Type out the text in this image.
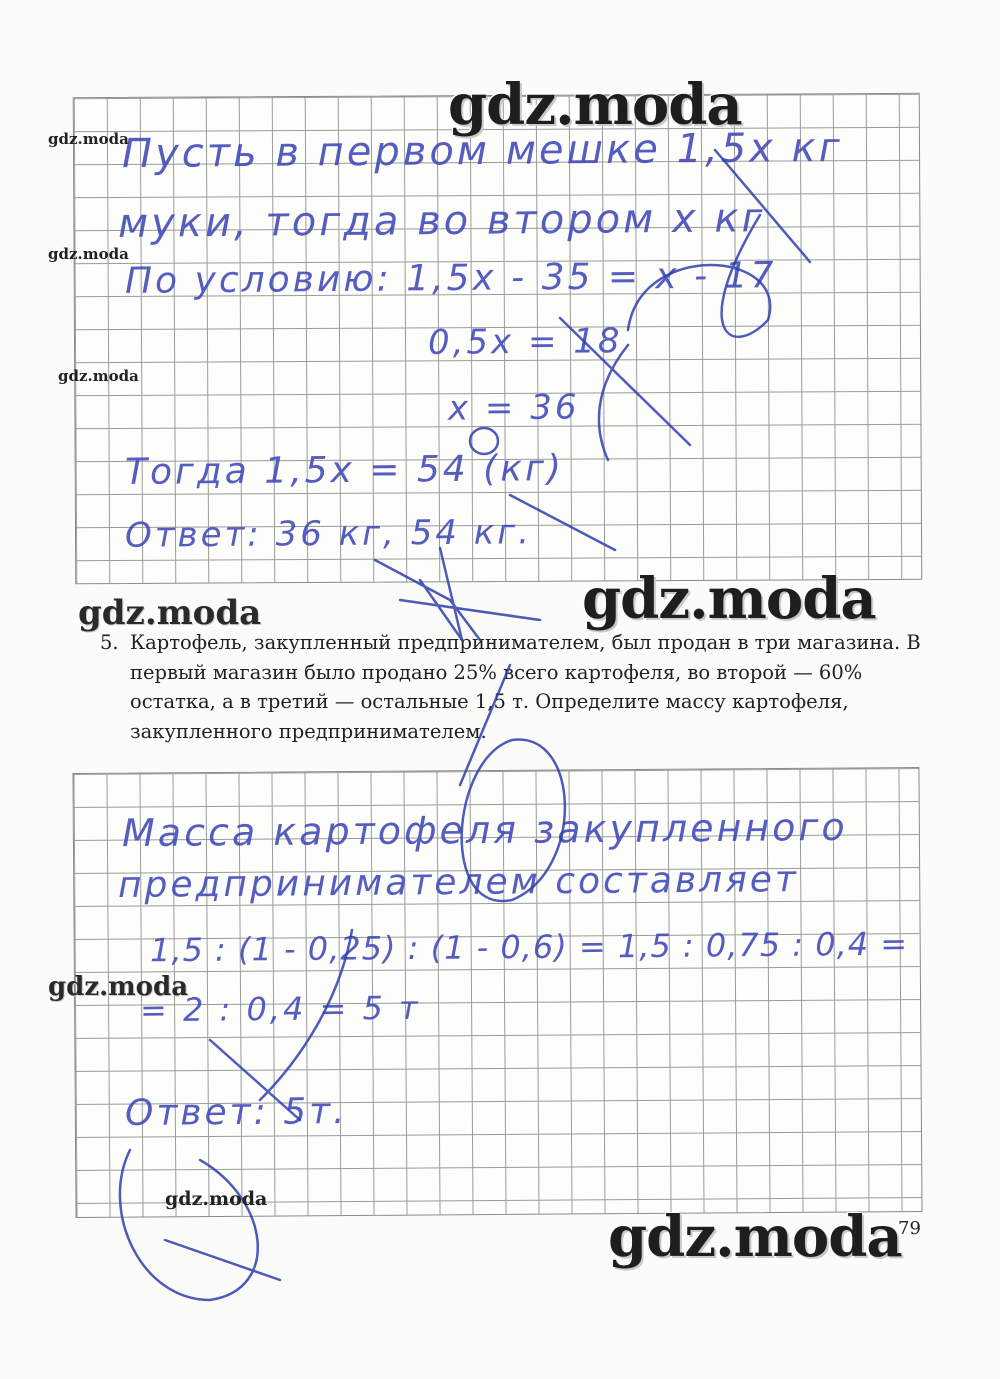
Пусть в первом мешке 1,5х кг
муки, тогда во втором х кг
По условию: 1,5х - 35 = х - 17
0,5х = 18
х = 36
Тогда 1,5х = 54 (кг)
Ответ: 36 кг, 54 кг.
5. Картофель, закупленный предпринимателем, был продан в три магазина. В первый магазин было продано 25% всего картофеля, во второй — 60% остатка, а в третий — остальные 1,5 т. Определите массу картофеля, закупленного предпринимателем.

Масса картофеля закупленного
предпринимателем составляет
1,5 : (1 - 0,25) : (1 - 0,6) = 1,5 : 0,75 : 0,4 =
= 2 : 0,4 = 5 т
Ответ: 5т.
gdz.moda
gdz.moda
gdz.moda
gdz.moda
gdz.moda	gdz.moda
gdz.moda
gdz.moda
gdz.moda
79
